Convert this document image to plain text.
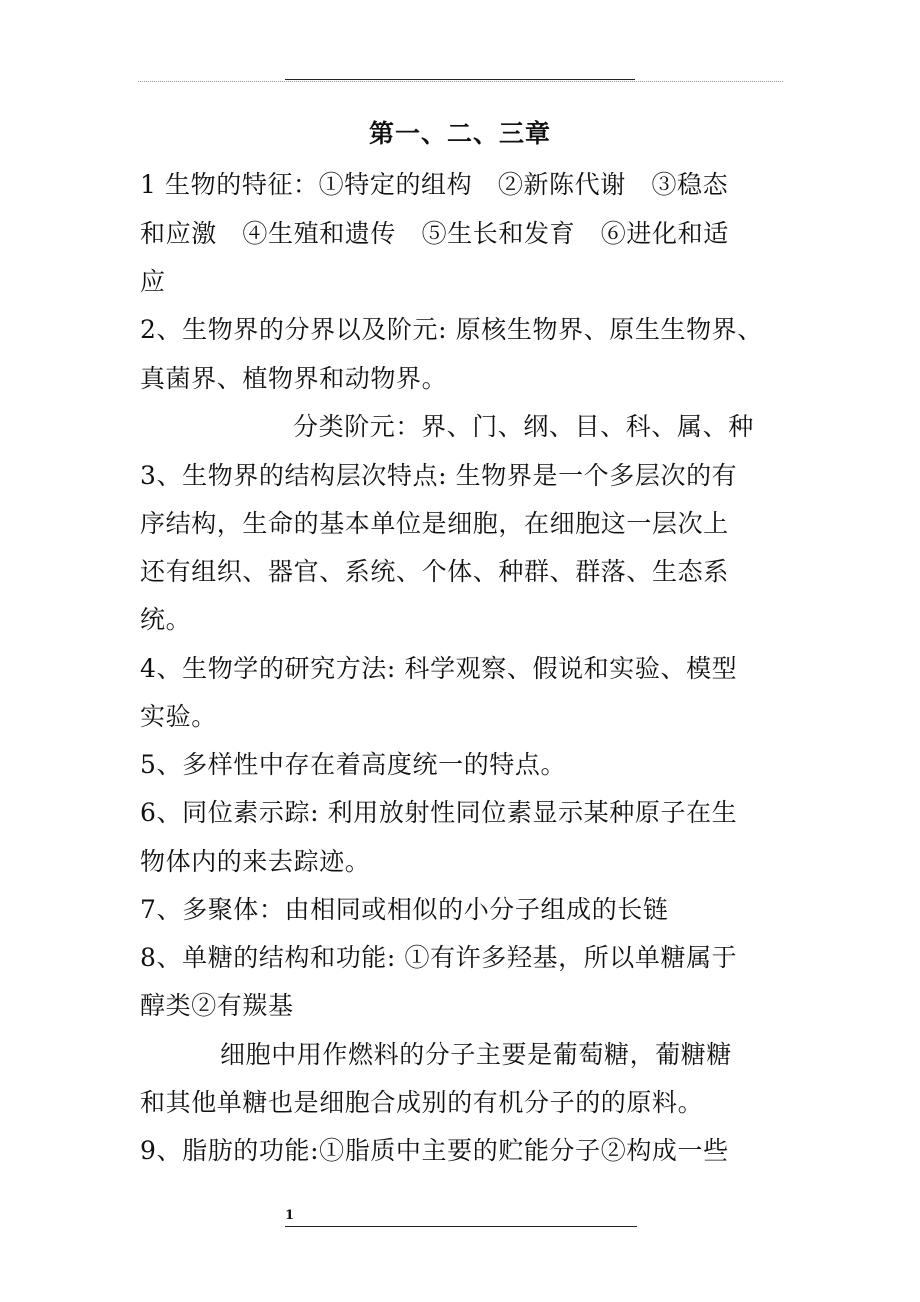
第一、二、三章
1 生物的特征：①特定的组构　②新陈代谢　③稳态
和应激　④生殖和遗传　⑤生长和发育　⑥进化和适
应
2、生物界的分界以及阶元: 原核生物界、原生生物界、
真菌界、植物界和动物界。
分类阶元：界、门、纲、目、科、属、种
3、生物界的结构层次特点: 生物界是一个多层次的有
序结构，生命的基本单位是细胞，在细胞这一层次上
还有组织、器官、系统、个体、种群、群落、生态系
统。
4、生物学的研究方法: 科学观察、假说和实验、模型
实验。
5、多样性中存在着高度统一的特点。
6、同位素示踪: 利用放射性同位素显示某种原子在生
物体内的来去踪迹。
7、多聚体：由相同或相似的小分子组成的长链
8、单糖的结构和功能: ①有许多羟基，所以单糖属于
醇类②有羰基
细胞中用作燃料的分子主要是葡萄糖，葡糖糖
和其他单糖也是细胞合成别的有机分子的的原料。
9、脂肪的功能:①脂质中主要的贮能分子②构成一些
1
